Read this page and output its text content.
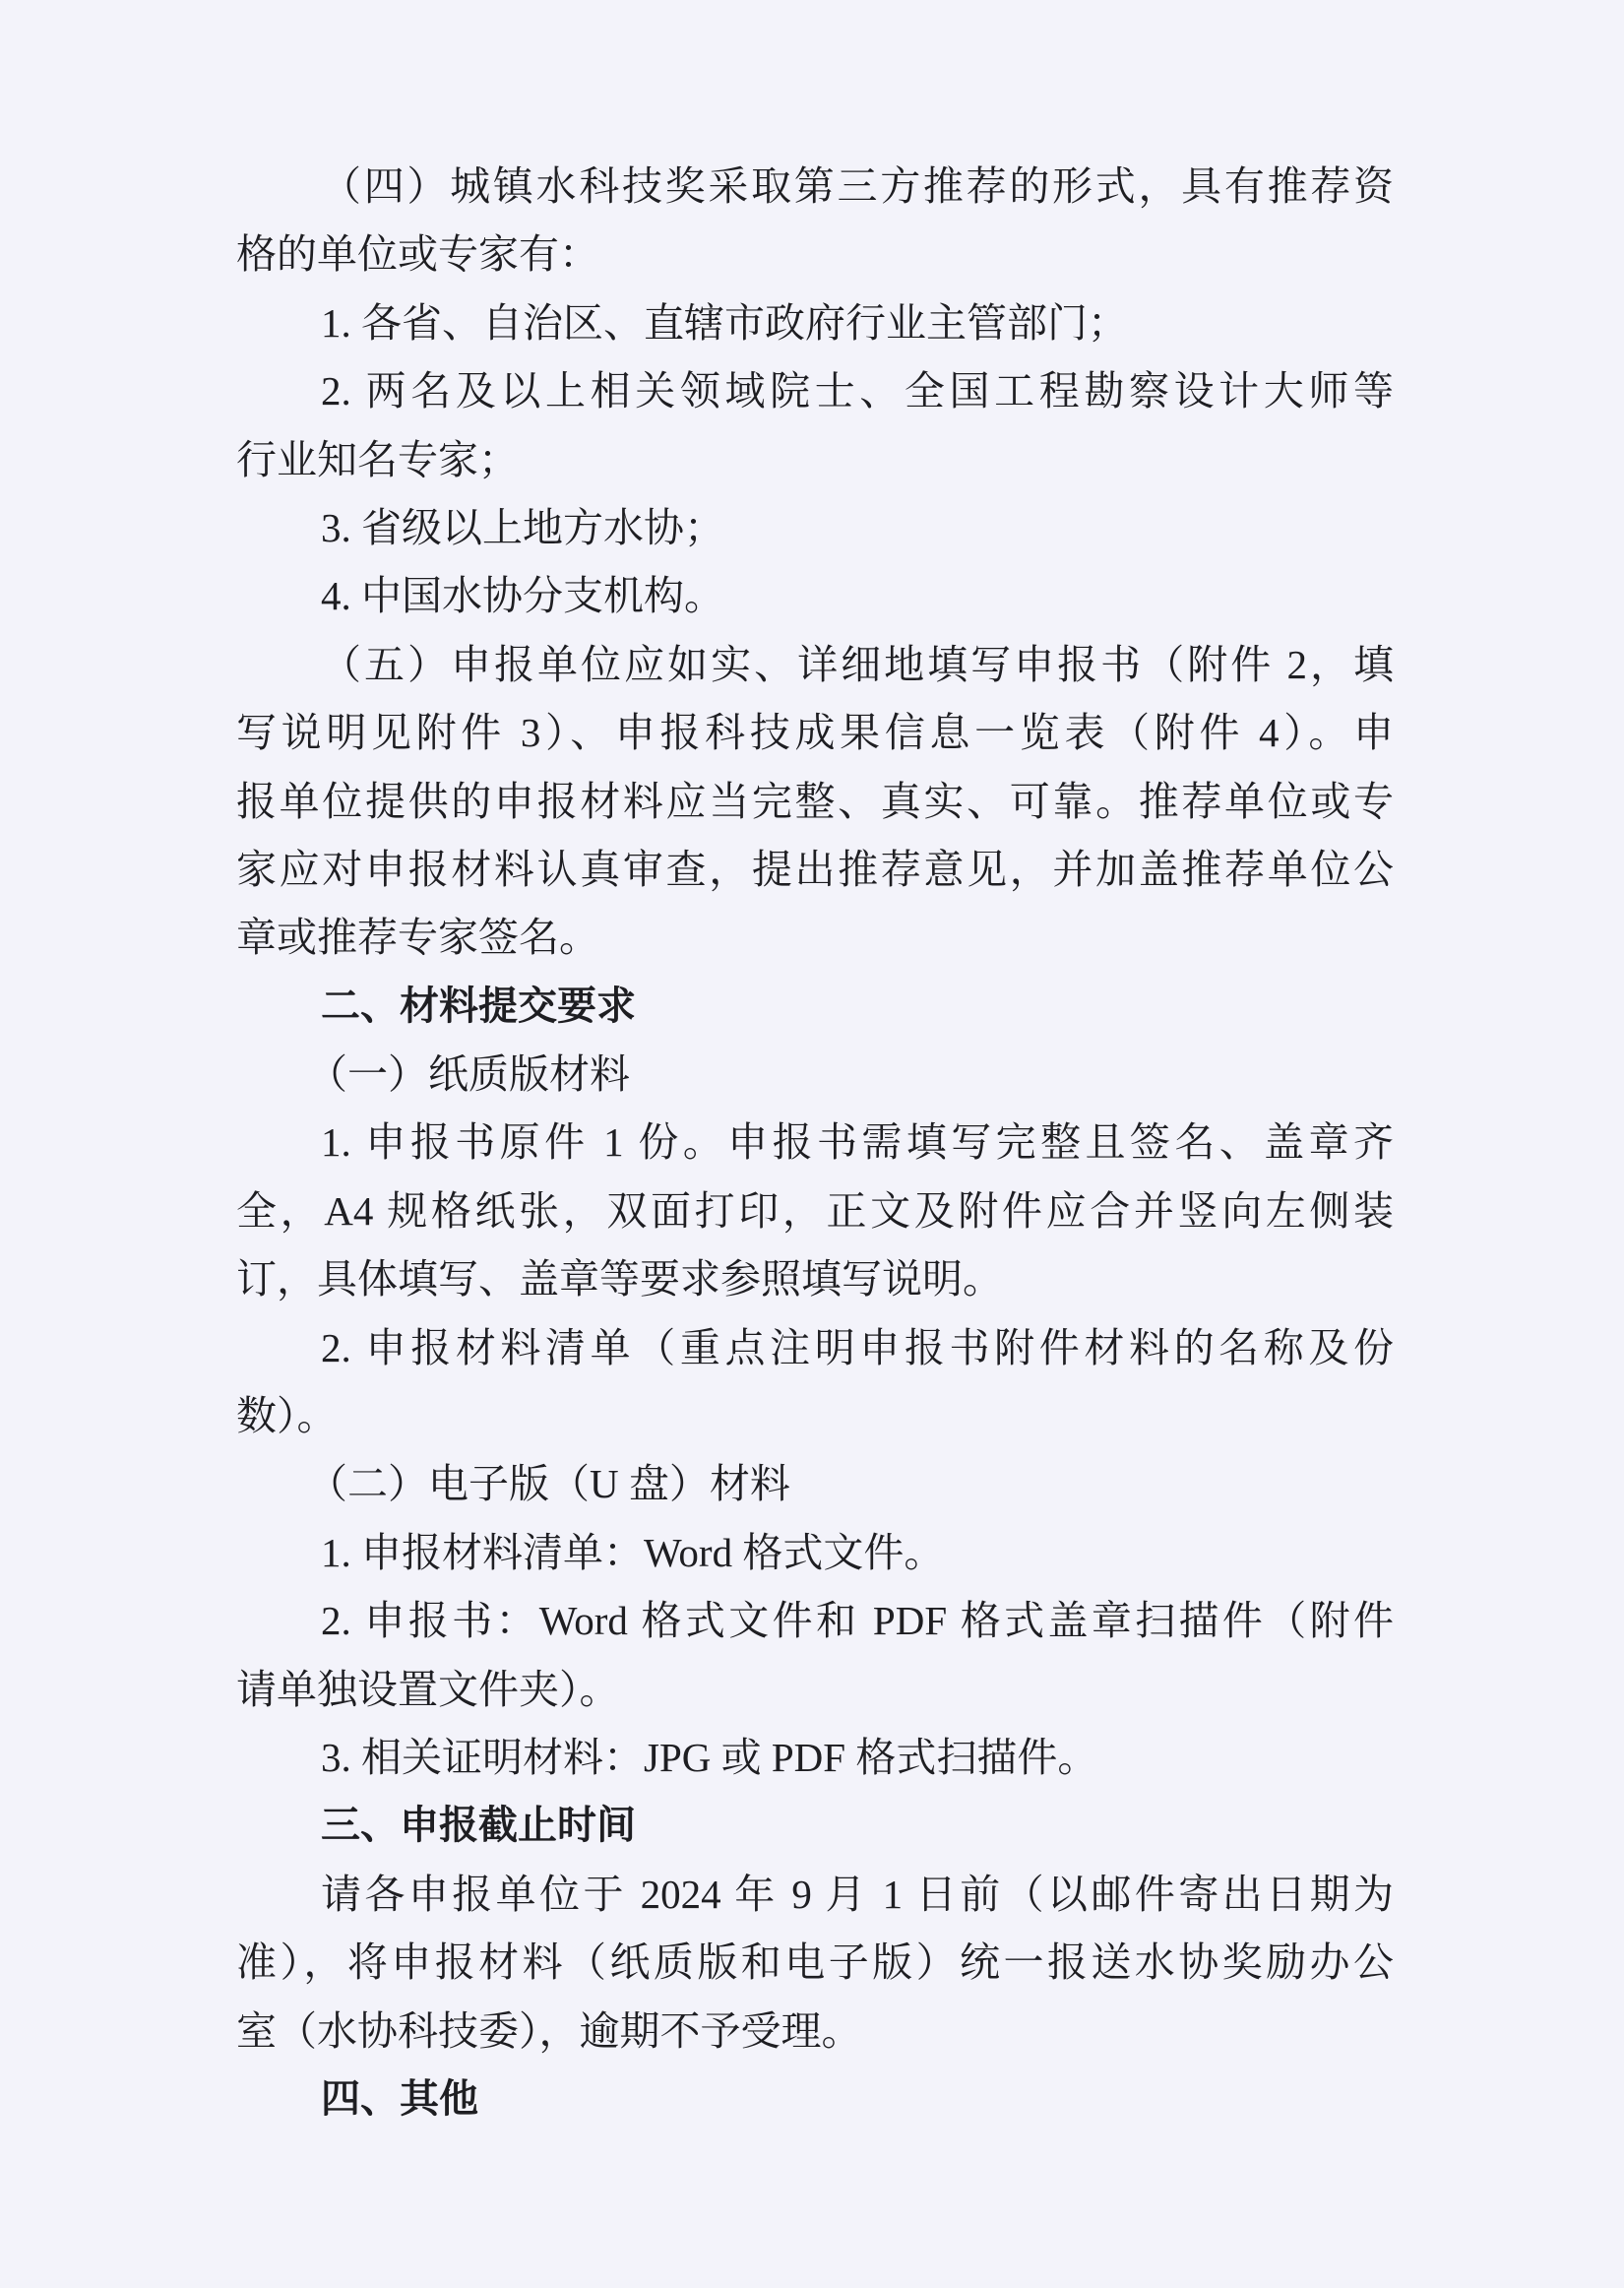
（四）城镇水科技奖采取第三方推荐的形式，具有推荐资
格的单位或专家有：
1. 各省、自治区、直辖市政府行业主管部门；
2. 两名及以上相关领域院士、全国工程勘察设计大师等
行业知名专家；
3. 省级以上地方水协；
4. 中国水协分支机构。
（五）申报单位应如实、详细地填写申报书（附件 2，填
写说明见附件 3）、申报科技成果信息一览表（附件 4）。申
报单位提供的申报材料应当完整、真实、可靠。推荐单位或专
家应对申报材料认真审查，提出推荐意见，并加盖推荐单位公
章或推荐专家签名。
二、材料提交要求
（一）纸质版材料
1. 申报书原件 1 份。申报书需填写完整且签名、盖章齐
全，A4 规格纸张，双面打印，正文及附件应合并竖向左侧装
订，具体填写、盖章等要求参照填写说明。
2. 申报材料清单（重点注明申报书附件材料的名称及份
数）。
（二）电子版（U 盘）材料
1. 申报材料清单：Word 格式文件。
2. 申报书：Word 格式文件和 PDF 格式盖章扫描件（附件
请单独设置文件夹）。
3. 相关证明材料：JPG 或 PDF 格式扫描件。
三、申报截止时间
请各申报单位于 2024 年 9 月 1 日前（以邮件寄出日期为
准），将申报材料（纸质版和电子版）统一报送水协奖励办公
室（水协科技委），逾期不予受理。
四、其他
